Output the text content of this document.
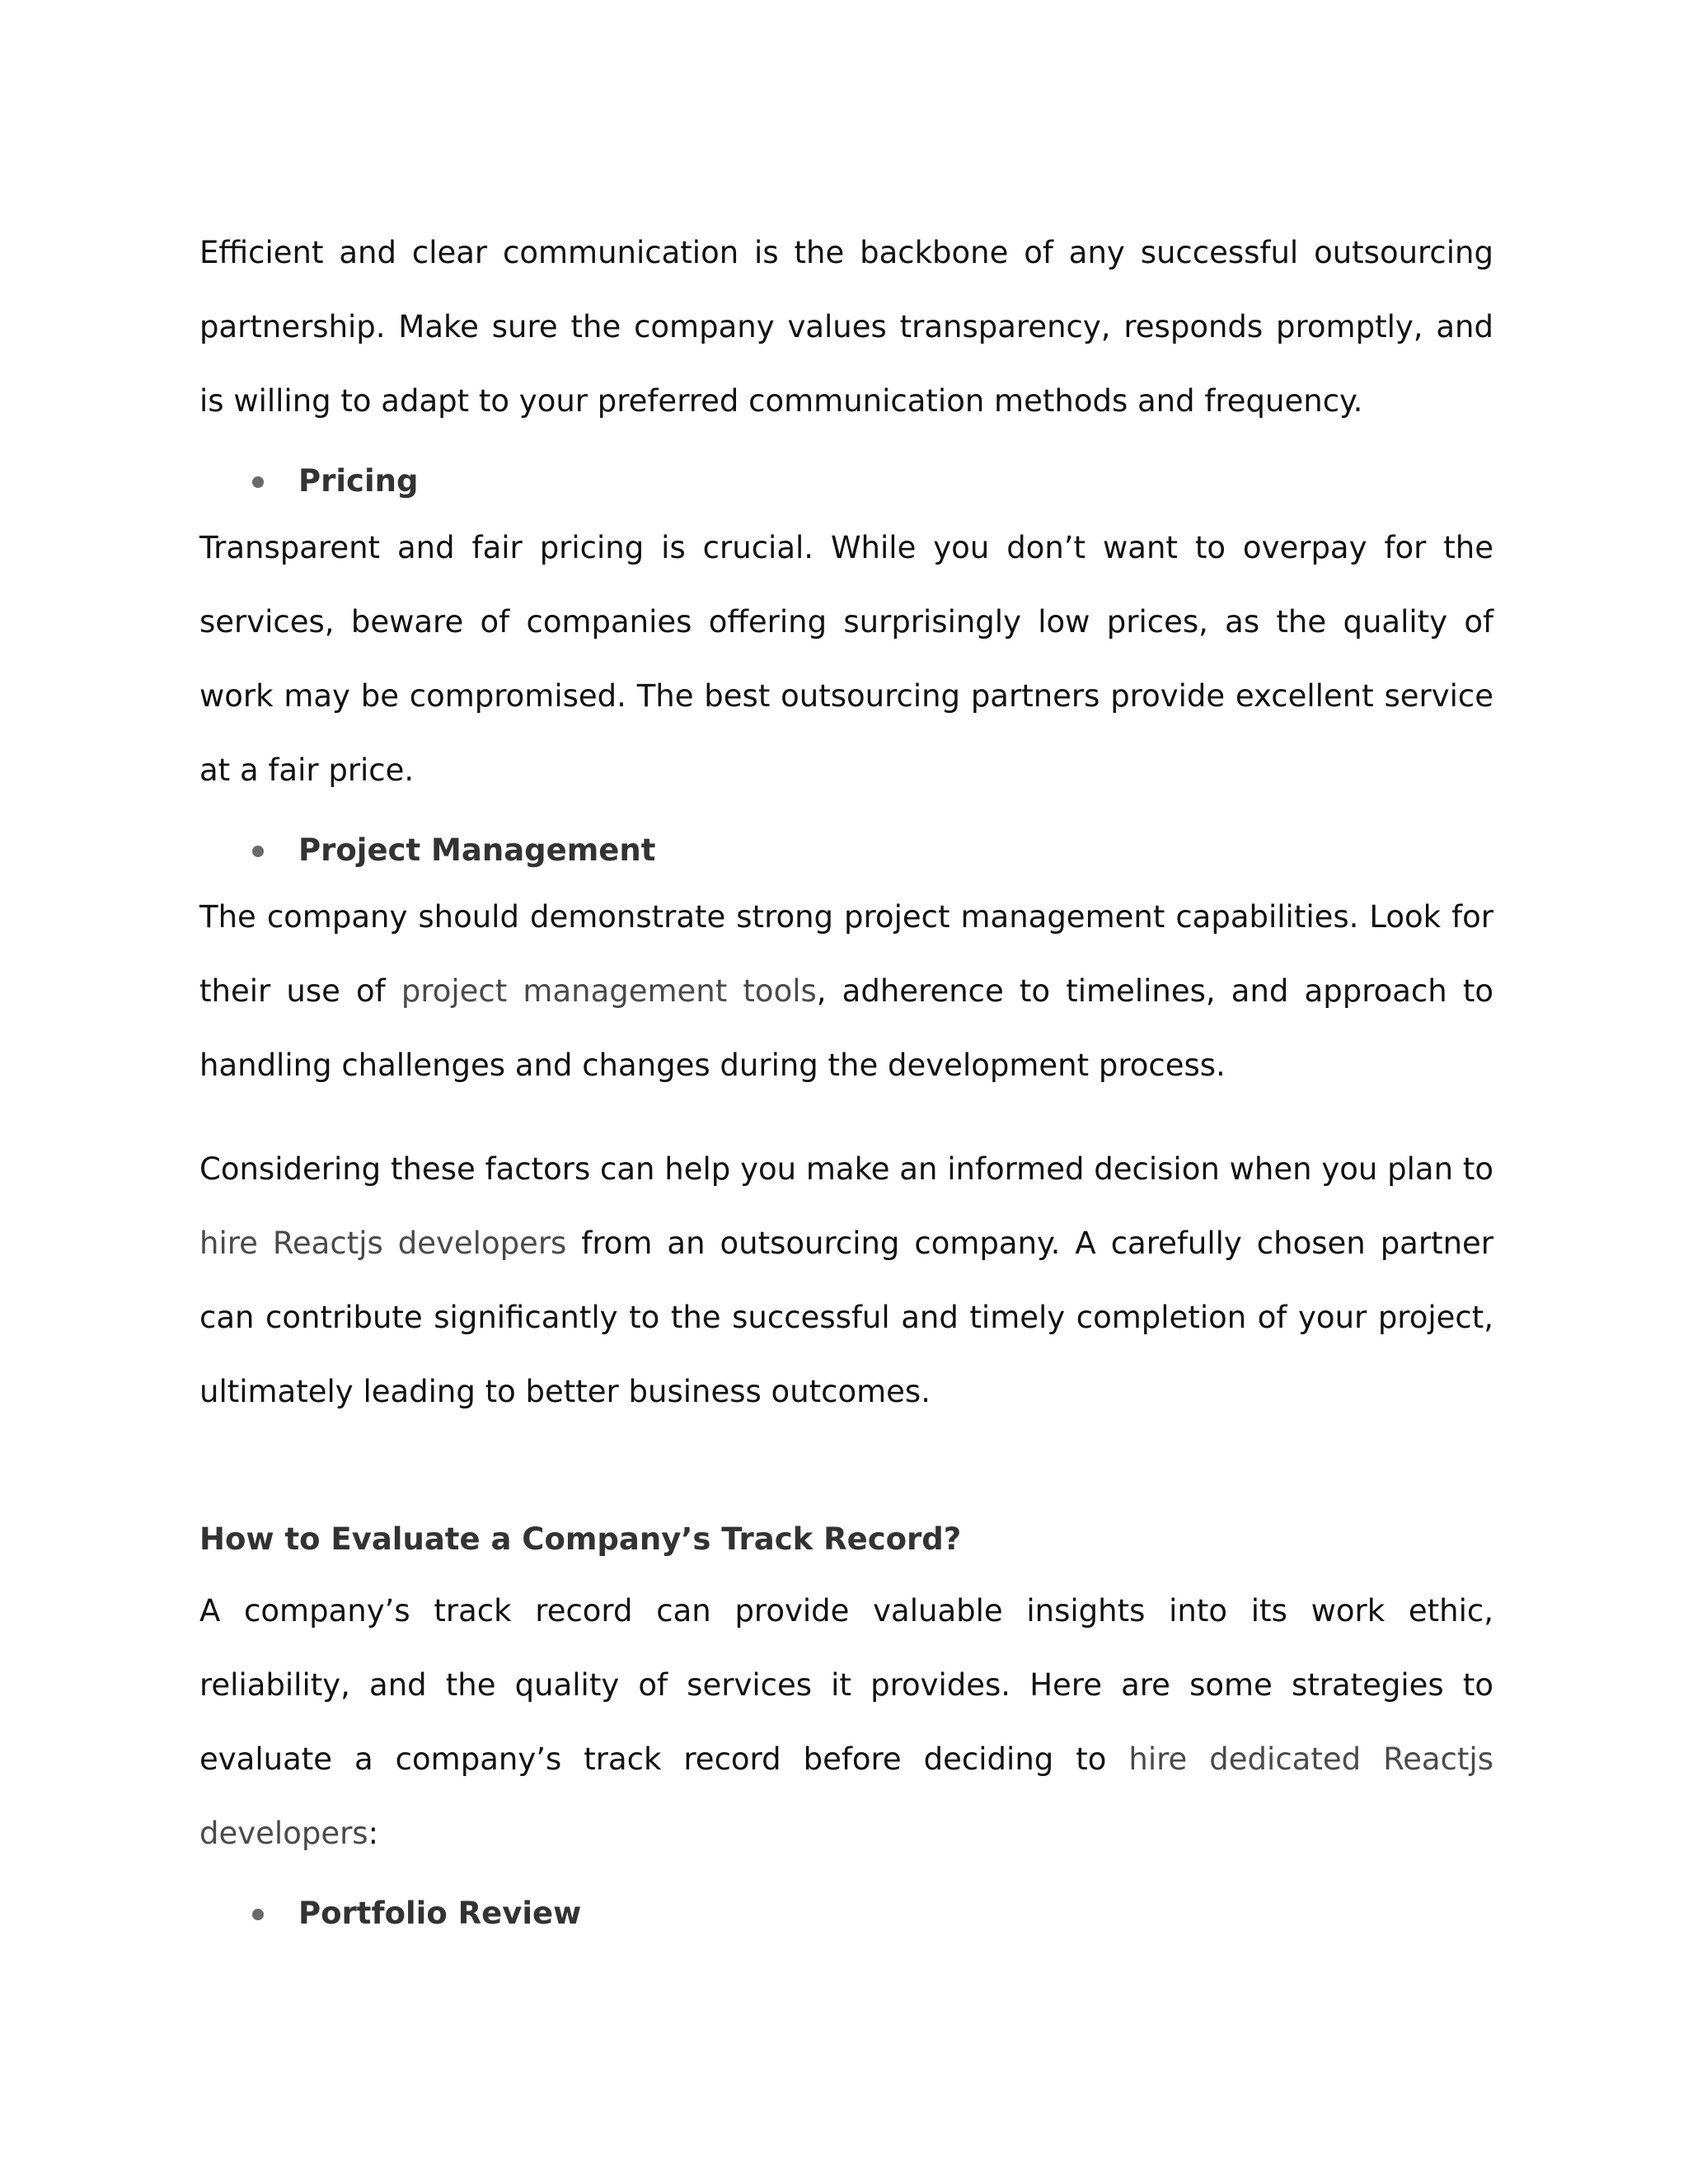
Efficient and clear communication is the backbone of any successful outsourcing partnership. Make sure the company values transparency, responds promptly, and is willing to adapt to your preferred communication methods and frequency.

Pricing

Transparent and fair pricing is crucial. While you don’t want to overpay for the services, beware of companies offering surprisingly low prices, as the quality of work may be compromised. The best outsourcing partners provide excellent service at a fair price.

Project Management

The company should demonstrate strong project management capabilities. Look for their use of project management tools, adherence to timelines, and approach to handling challenges and changes during the development process.

Considering these factors can help you make an informed decision when you plan to hire Reactjs developers from an outsourcing company. A carefully chosen partner can contribute significantly to the successful and timely completion of your project, ultimately leading to better business outcomes.

How to Evaluate a Company’s Track Record?

A company’s track record can provide valuable insights into its work ethic, reliability, and the quality of services it provides. Here are some strategies to evaluate a company’s track record before deciding to hire dedicated Reactjs developers:

Portfolio Review
